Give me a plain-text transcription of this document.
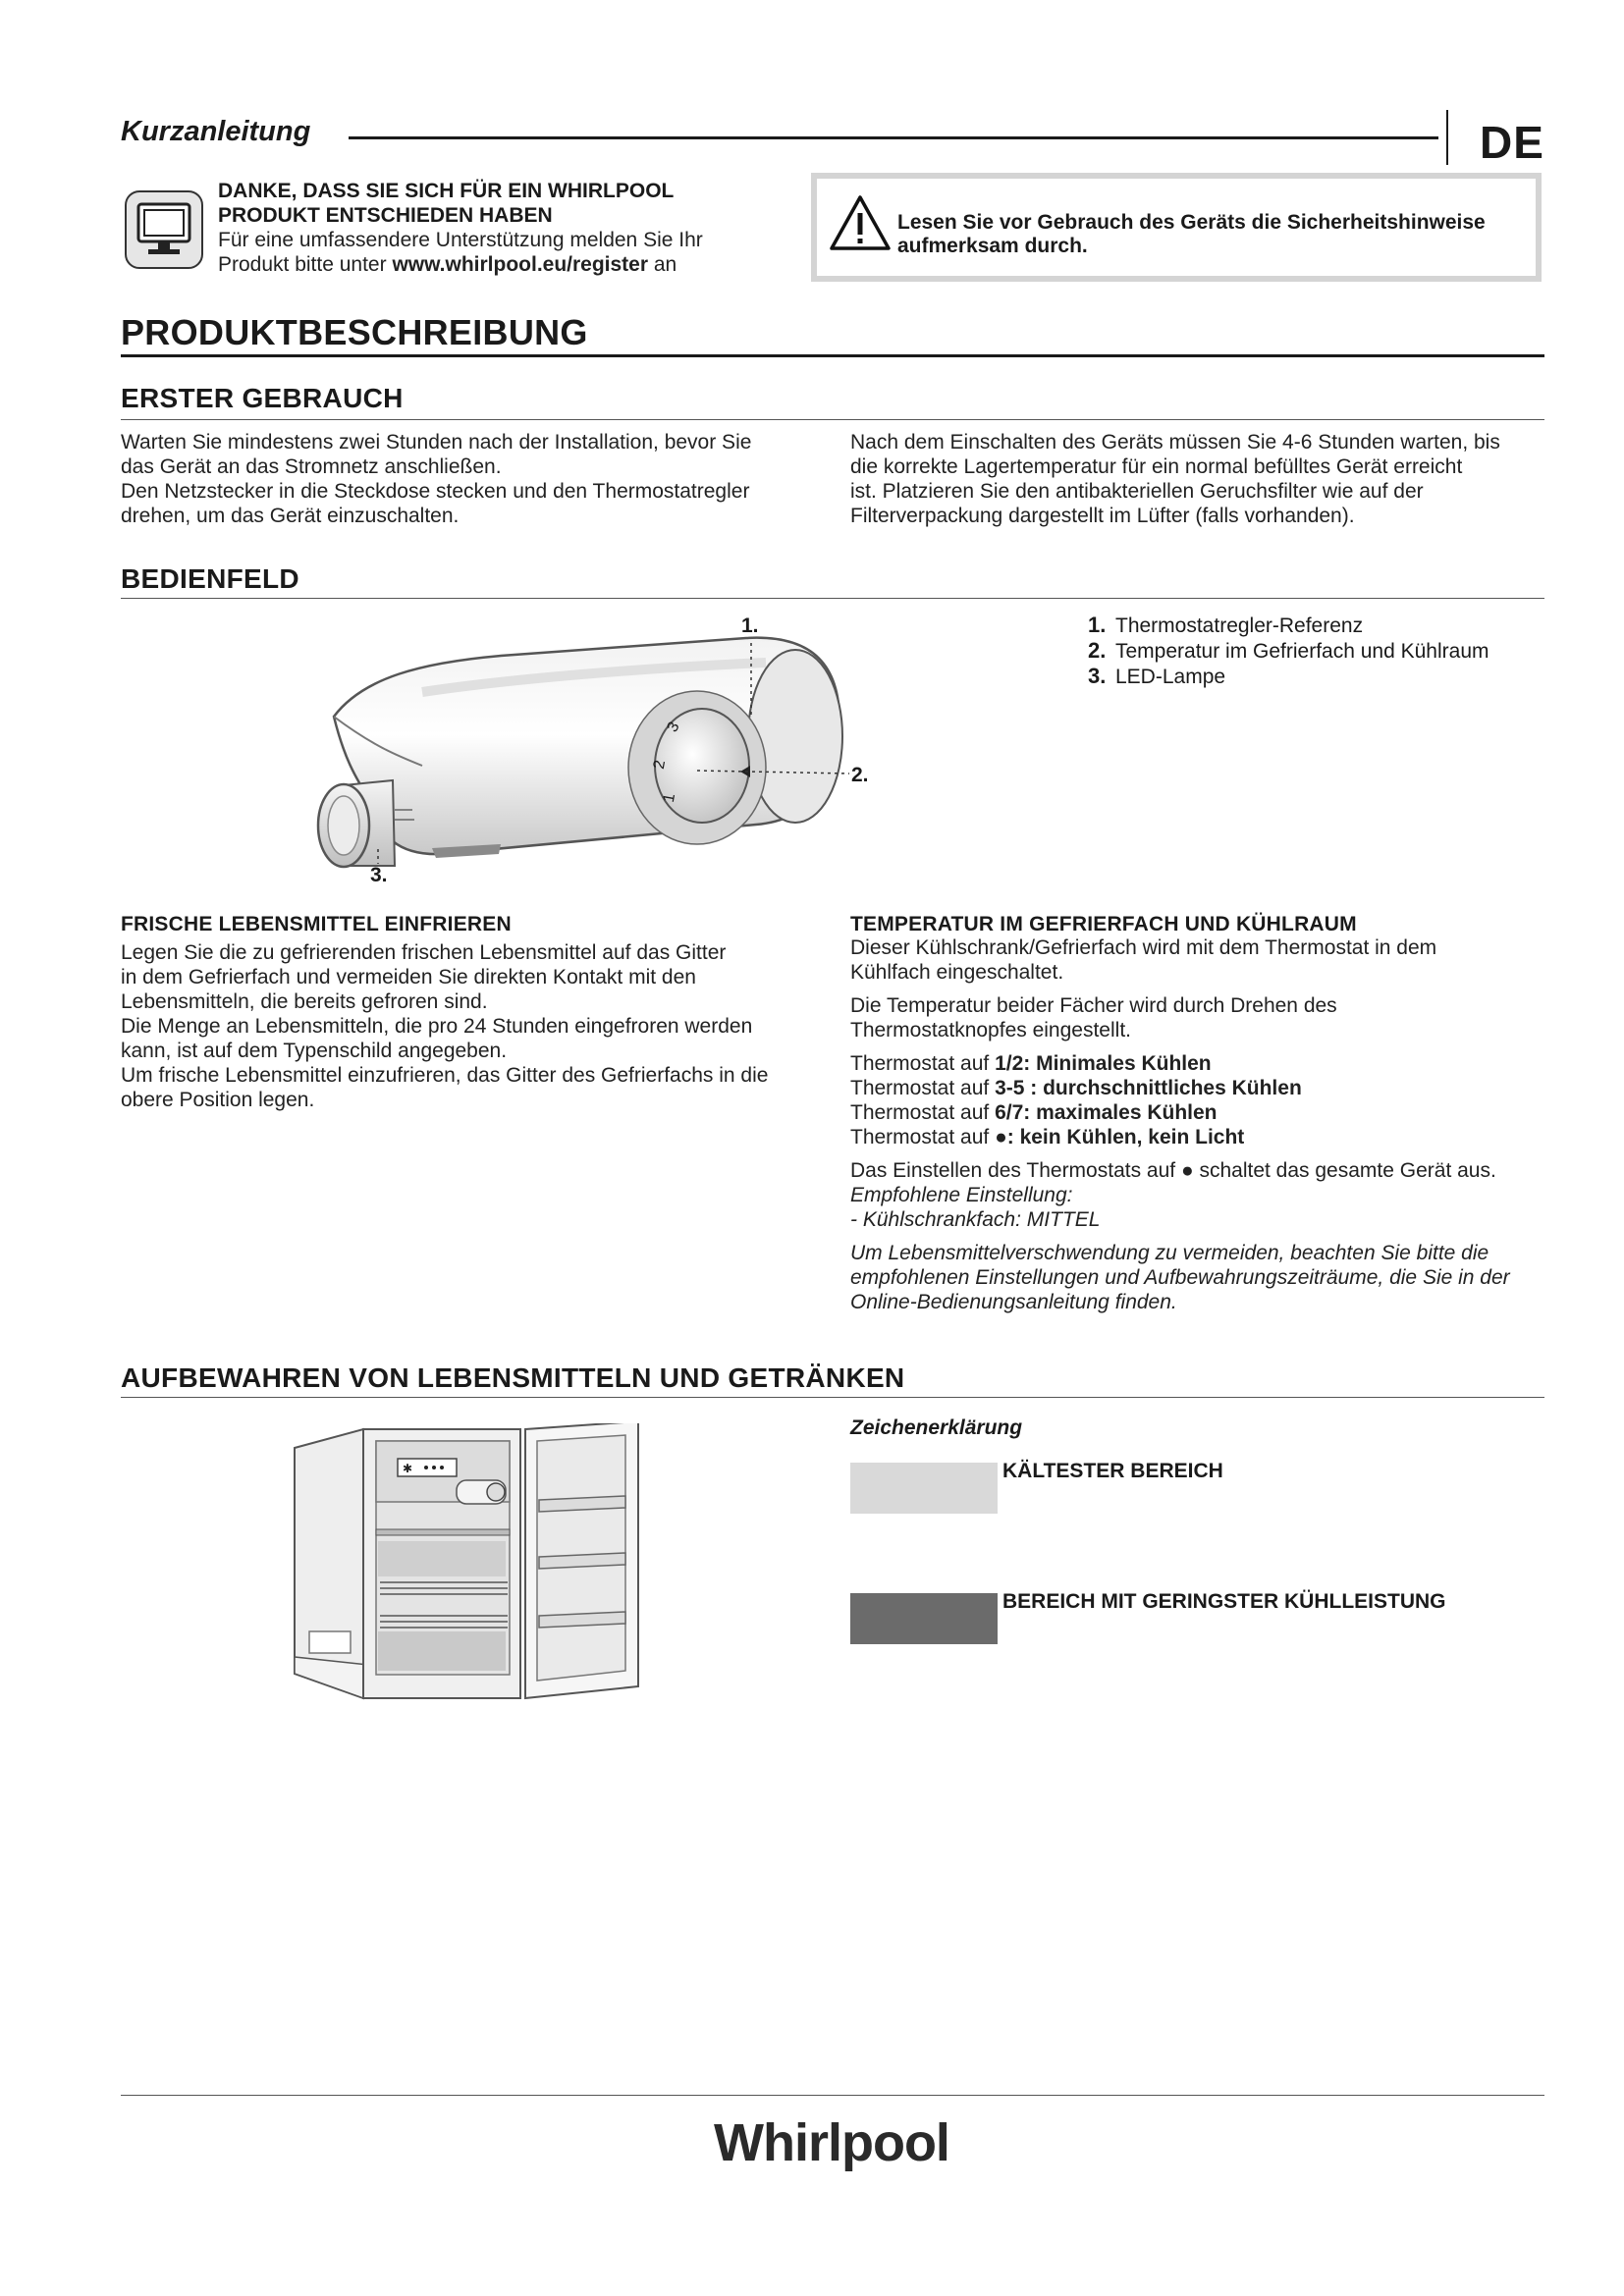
Kurzanleitung	DE
DANKE, DASS SIE SICH FÜR EIN WHIRLPOOL
PRODUKT ENTSCHIEDEN HABEN
Für eine umfassendere Unterstützung melden Sie Ihr
Produkt bitte unter www.whirlpool.eu/register an
Lesen Sie vor Gebrauch des Geräts die Sicherheitshinweise
aufmerksam durch.
PRODUKTBESCHREIBUNG
ERSTER GEBRAUCH

Warten Sie mindestens zwei Stunden nach der Installation, bevor Sie

das Gerät an das Stromnetz anschließen.

Den Netzstecker in die Steckdose stecken und den Thermostatregler

drehen, um das Gerät einzuschalten.

Nach dem Einschalten des Geräts müssen Sie 4-6 Stunden warten, bis

die korrekte Lagertemperatur für ein normal befülltes Gerät erreicht

ist. Platzieren Sie den antibakteriellen Geruchsfilter wie auf der

Filterverpackung dargestellt im Lüfter (falls vorhanden).

BEDIENFELD
1
2
3
1.
2.
3.
1. Thermostatregler-Referenz
2. Temperatur im Gefrierfach und Kühlraum
3. LED-Lampe
FRISCHE LEBENSMITTEL EINFRIEREN

Legen Sie die zu gefrierenden frischen Lebensmittel auf das Gitter

in dem Gefrierfach und vermeiden Sie direkten Kontakt mit den

Lebensmitteln, die bereits gefroren sind.

Die Menge an Lebensmitteln, die pro 24 Stunden eingefroren werden

kann, ist auf dem Typenschild angegeben.

Um frische Lebensmittel einzufrieren, das Gitter des Gefrierfachs in die

obere Position legen.

TEMPERATUR IM GEFRIERFACH UND KÜHLRAUM

Dieser Kühlschrank/Gefrierfach wird mit dem Thermostat in dem

Kühlfach eingeschaltet.

Die Temperatur beider Fächer wird durch Drehen des

Thermostatknopfes eingestellt.

Thermostat auf 1/2: Minimales Kühlen

Thermostat auf 3-5 : durchschnittliches Kühlen

Thermostat auf 6/7: maximales Kühlen

Thermostat auf ●: kein Kühlen, kein Licht

Das Einstellen des Thermostats auf ● schaltet das gesamte Gerät aus.

Empfohlene Einstellung:

- Kühlschrankfach: MITTEL

Um Lebensmittelverschwendung zu vermeiden, beachten Sie bitte die

empfohlenen Einstellungen und Aufbewahrungszeiträume, die Sie in der

Online-Bedienungsanleitung finden.

AUFBEWAHREN VON LEBENSMITTELN UND GETRÄNKEN
✱
Zeichenerklärung
KÄLTESTER BEREICH
BEREICH MIT GERINGSTER KÜHLLEISTUNG
Whirlpool
